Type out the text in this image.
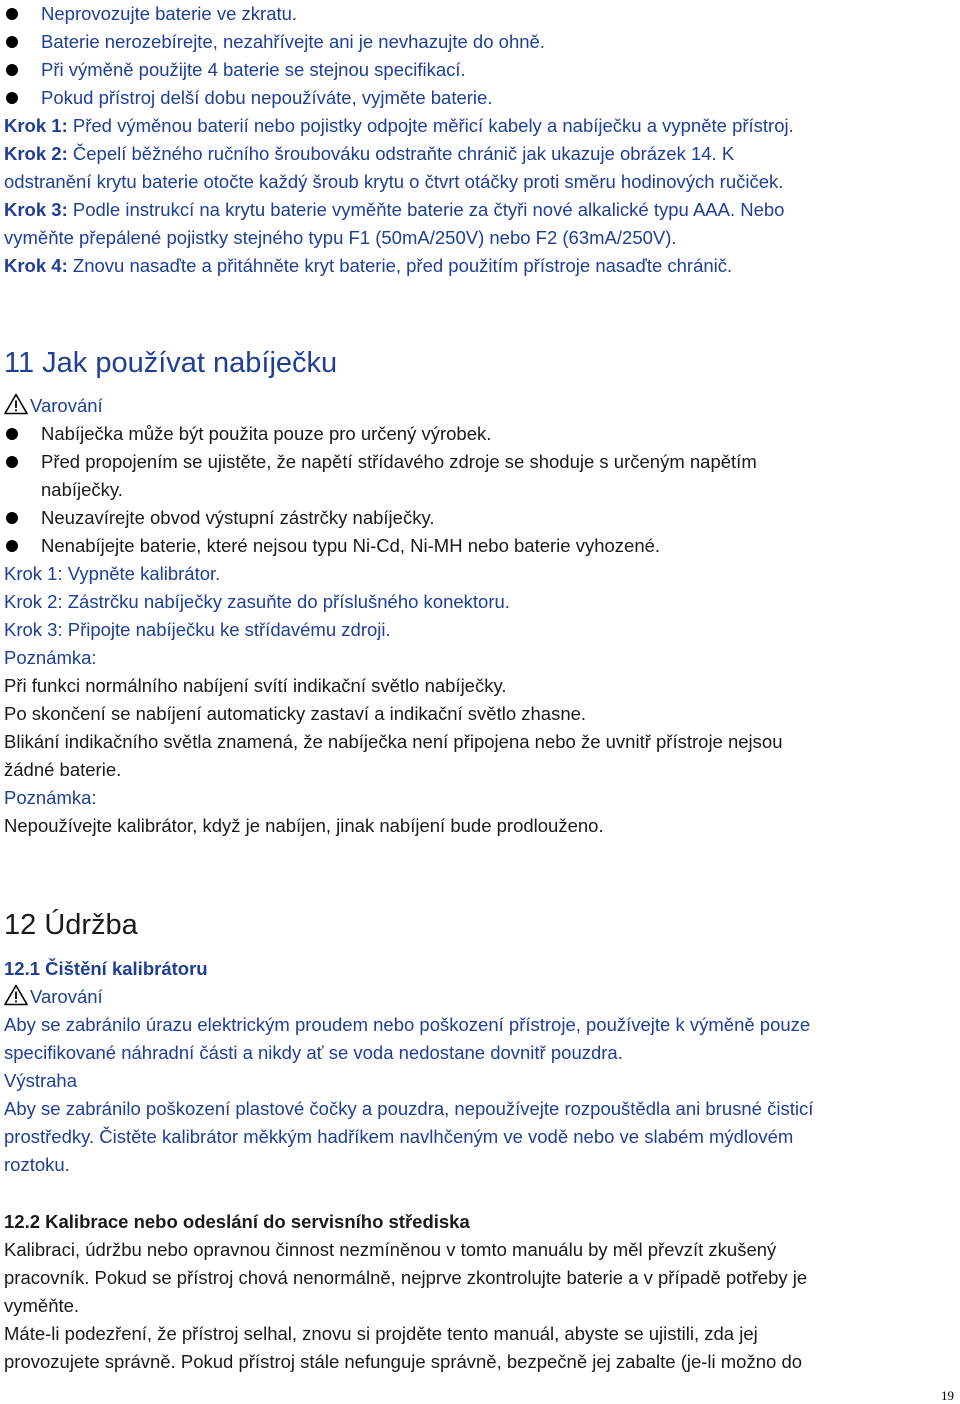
Neprovozujte baterie ve zkratu.
Baterie nerozebírejte, nezahřívejte ani je nevhazujte do ohně.
Při výměně použijte 4 baterie se stejnou specifikací.
Pokud přístroj delší dobu nepoužíváte, vyjměte baterie.
Krok 1: Před výměnou baterií nebo pojistky odpojte měřicí kabely a nabíječku a vypněte přístroj.
Krok 2: Čepelí běžného ručního šroubováku odstraňte chránič jak ukazuje obrázek 14. K
odstranění krytu baterie otočte každý šroub krytu o čtvrt otáčky proti směru hodinových ručiček.
Krok 3: Podle instrukcí na krytu baterie vyměňte baterie za čtyři nové alkalické typu AAA. Nebo
vyměňte přepálené pojistky stejného typu F1 (50mA/250V) nebo F2 (63mA/250V).
Krok 4: Znovu nasaďte a přitáhněte kryt baterie, před použitím přístroje nasaďte chránič.
11 Jak používat nabíječku
Varování
Nabíječka může být použita pouze pro určený výrobek.
Před propojením se ujistěte, že napětí střídavého zdroje se shoduje s určeným napětím
nabíječky.
Neuzavírejte obvod výstupní zástrčky nabíječky.
Nenabíjejte baterie, které nejsou typu Ni-Cd, Ni-MH nebo baterie vyhozené.
Krok 1: Vypněte kalibrátor.
Krok 2: Zástrčku nabíječky zasuňte do příslušného konektoru.
Krok 3: Připojte nabíječku ke střídavému zdroji.
Poznámka:
Při funkci normálního nabíjení svítí indikační světlo nabíječky.
Po skončení se nabíjení automaticky zastaví a indikační světlo zhasne.
Blikání indikačního světla znamená, že nabíječka není připojena nebo že uvnitř přístroje nejsou
žádné baterie.
Poznámka:
Nepoužívejte kalibrátor, když je nabíjen, jinak nabíjení bude prodlouženo.
12 Údržba
12.1 Čištění kalibrátoru
Varování
Aby se zabránilo úrazu elektrickým proudem nebo poškození přístroje, používejte k výměně pouze
specifikované náhradní části a nikdy ať se voda nedostane dovnitř pouzdra.
Výstraha
Aby se zabránilo poškození plastové čočky a pouzdra, nepoužívejte rozpouštědla ani brusné čisticí
prostředky. Čistěte kalibrátor měkkým hadříkem navlhčeným ve vodě nebo ve slabém mýdlovém
roztoku.
12.2 Kalibrace nebo odeslání do servisního střediska
Kalibraci, údržbu nebo opravnou činnost nezmíněnou v tomto manuálu by měl převzít zkušený
pracovník. Pokud se přístroj chová nenormálně, nejprve zkontrolujte baterie a v případě potřeby je
vyměňte.
Máte-li podezření, že přístroj selhal, znovu si projděte tento manuál, abyste se ujistili, zda jej
provozujete správně. Pokud přístroj stále nefunguje správně, bezpečně jej zabalte (je-li možno do
19
